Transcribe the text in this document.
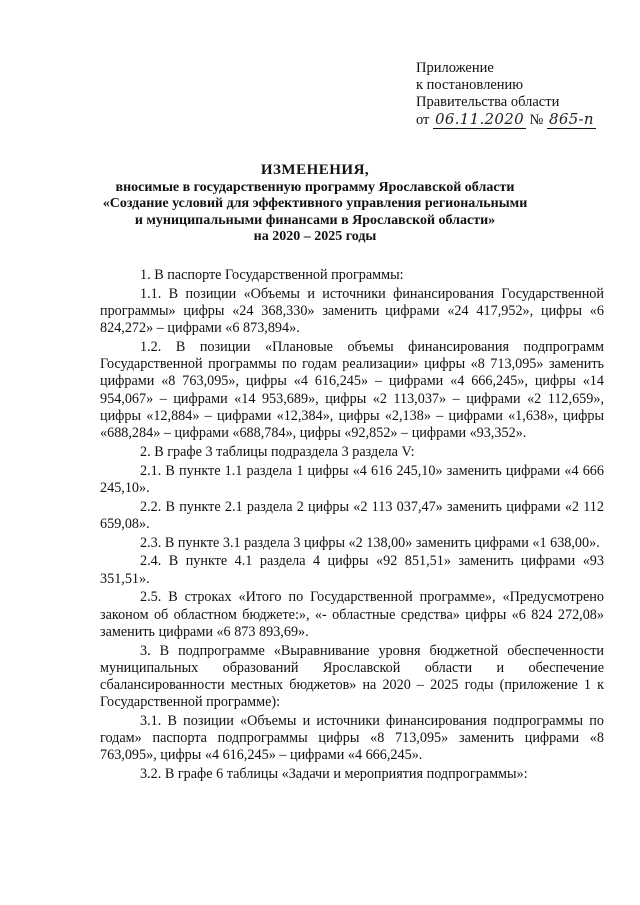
Приложение
к постановлению
Правительства области
от 06.11.2020 № 865-п
ИЗМЕНЕНИЯ,
вносимые в государственную программу Ярославской области
«Создание условий для эффективного управления региональными
и муниципальными финансами в Ярославской области»
на 2020 – 2025 годы

1. В паспорте Государственной программы:

1.1. В позиции «Объемы и источники финансирования Государственной программы» цифры «24 368,330» заменить цифрами «24 417,952», цифры «6 824,272» – цифрами «6 873,894».

1.2. В позиции «Плановые объемы финансирования подпрограмм Государственной программы по годам реализации» цифры «8 713,095» заменить цифрами «8 763,095», цифры «4 616,245» – цифрами «4 666,245», цифры «14 954,067» – цифрами «14 953,689», цифры «2 113,037» – цифрами «2 112,659», цифры «12,884» – цифрами «12,384», цифры «2,138» – цифрами «1,638», цифры «688,284» – цифрами «688,784», цифры «92,852» – цифрами «93,352».

2. В графе 3 таблицы подраздела 3 раздела V:

2.1. В пункте 1.1 раздела 1 цифры «4 616 245,10» заменить цифрами «4 666 245,10».

2.2. В пункте 2.1 раздела 2 цифры «2 113 037,47» заменить цифрами «2 112 659,08».

2.3. В пункте 3.1 раздела 3 цифры «2 138,00» заменить цифрами «1 638,00».

2.4. В пункте 4.1 раздела 4 цифры «92 851,51» заменить цифрами «93 351,51».

2.5. В строках «Итого по Государственной программе», «Предусмотрено законом об областном бюджете:», «- областные средства» цифры «6 824 272,08» заменить цифрами «6 873 893,69».

3. В подпрограмме «Выравнивание уровня бюджетной обеспеченности муниципальных образований Ярославской области и обеспечение сбалансированности местных бюджетов» на 2020 – 2025 годы (приложение 1 к Государственной программе):

3.1. В позиции «Объемы и источники финансирования подпрограммы по годам» паспорта подпрограммы цифры «8 713,095» заменить цифрами «8 763,095», цифры «4 616,245» – цифрами «4 666,245».

3.2. В графе 6 таблицы «Задачи и мероприятия подпрограммы»:
